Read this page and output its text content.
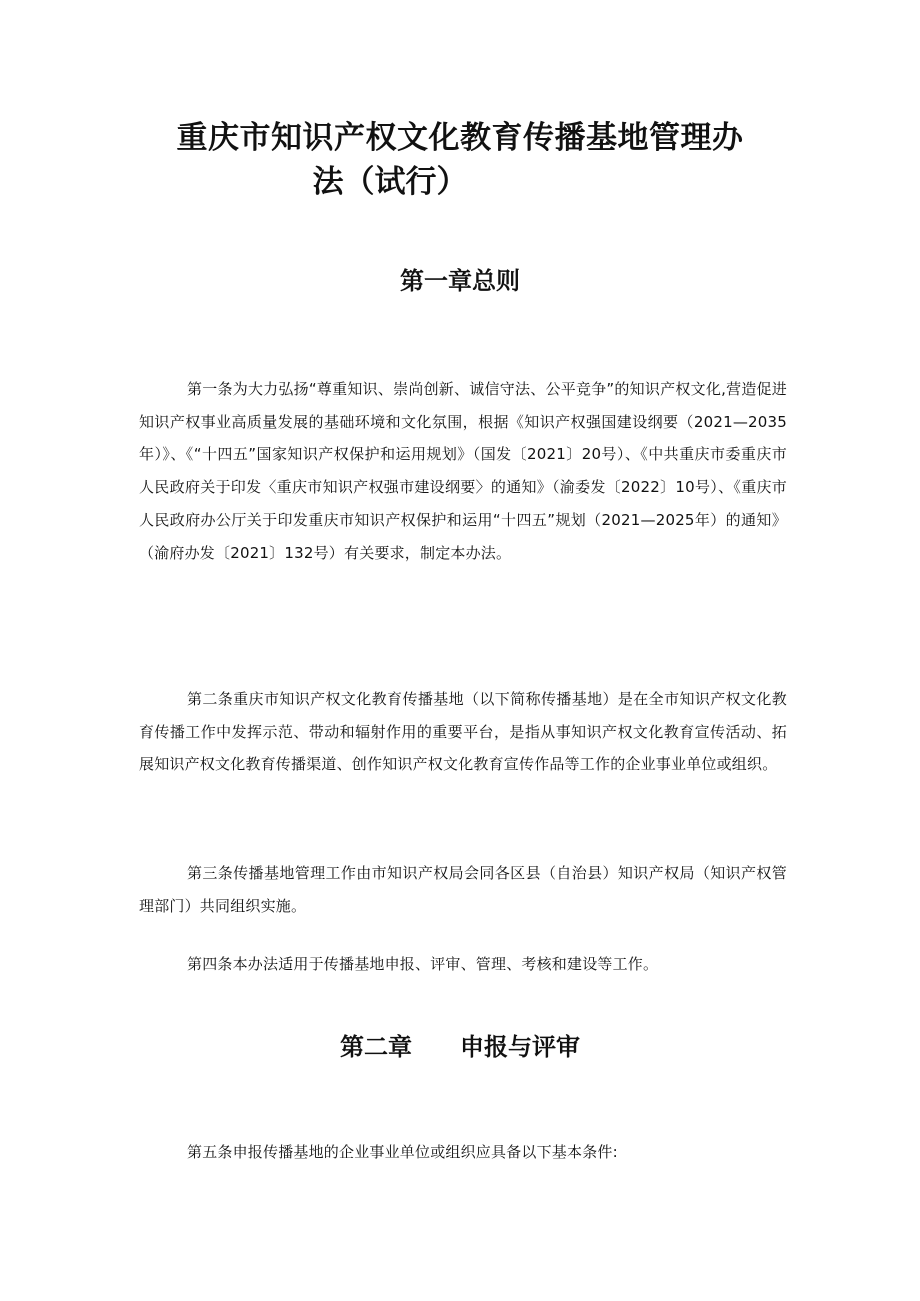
重庆市知识产权文化教育传播基地管理办
法（试行）
第一章总则

第一条为大力弘扬“尊重知识、崇尚创新、诚信守法、公平竞争”的知识产权文化,营造促进知识产权事业高质量发展的基础环境和文化氛围，根据《知识产权强国建设纲要（2021—2035年）》、《“十四五”国家知识产权保护和运用规划》（国发〔2021〕20号）、《中共重庆市委重庆市人民政府关于印发〈重庆市知识产权强市建设纲要〉的通知》（渝委发〔2022〕10号）、《重庆市人民政府办公厅关于印发重庆市知识产权保护和运用“十四五”规划（2021—2025年）的通知》（渝府办发〔2021〕132号）有关要求，制定本办法。

第二条重庆市知识产权文化教育传播基地（以下简称传播基地）是在全市知识产权文化教育传播工作中发挥示范、带动和辐射作用的重要平台，是指从事知识产权文化教育宣传活动、拓展知识产权文化教育传播渠道、创作知识产权文化教育宣传作品等工作的企业事业单位或组织。

第三条传播基地管理工作由市知识产权局会同各区县（自治县）知识产权局（知识产权管理部门）共同组织实施。

第四条本办法适用于传播基地申报、评审、管理、考核和建设等工作。

第二章 申报与评审

第五条申报传播基地的企业事业单位或组织应具备以下基本条件:
